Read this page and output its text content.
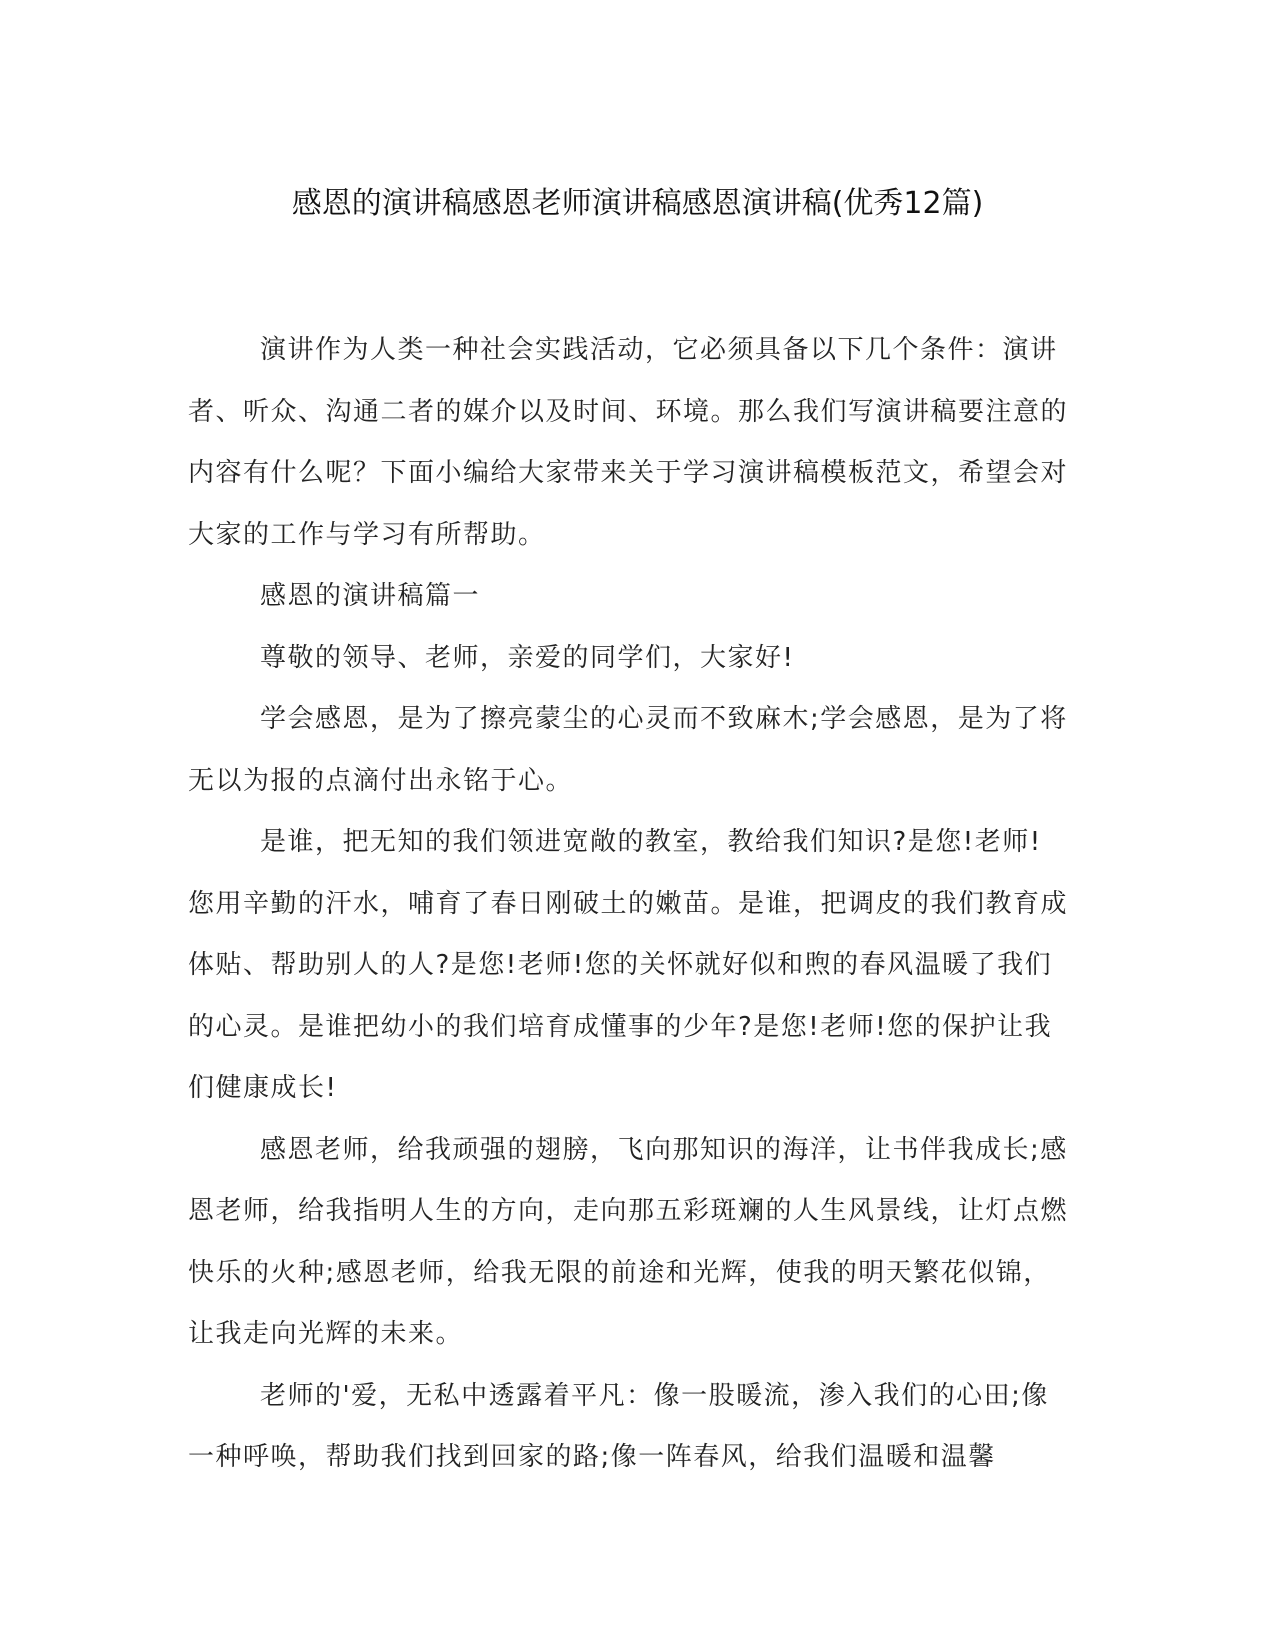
感恩的演讲稿感恩老师演讲稿感恩演讲稿(优秀12篇)

演讲作为人类一种社会实践活动，它必须具备以下几个条件：演讲者、听众、沟通二者的媒介以及时间、环境。那么我们写演讲稿要注意的内容有什么呢？下面小编给大家带来关于学习演讲稿模板范文，希望会对大家的工作与学习有所帮助。

感恩的演讲稿篇一

尊敬的领导、老师，亲爱的同学们，大家好!

学会感恩，是为了擦亮蒙尘的心灵而不致麻木;学会感恩，是为了将无以为报的点滴付出永铭于心。

是谁，把无知的我们领进宽敞的教室，教给我们知识?是您!老师!您用辛勤的汗水，哺育了春日刚破土的嫩苗。是谁，把调皮的我们教育成体贴、帮助别人的人?是您!老师!您的关怀就好似和煦的春风温暖了我们的心灵。是谁把幼小的我们培育成懂事的少年?是您!老师!您的保护让我们健康成长!

感恩老师，给我顽强的翅膀，飞向那知识的海洋，让书伴我成长;感恩老师，给我指明人生的方向，走向那五彩斑斓的人生风景线，让灯点燃快乐的火种;感恩老师，给我无限的前途和光辉，使我的明天繁花似锦，让我走向光辉的未来。

老师的'爱，无私中透露着平凡：像一股暖流，渗入我们的心田;像一种呼唤，帮助我们找到回家的路;像一阵春风，给我们温暖和温馨
